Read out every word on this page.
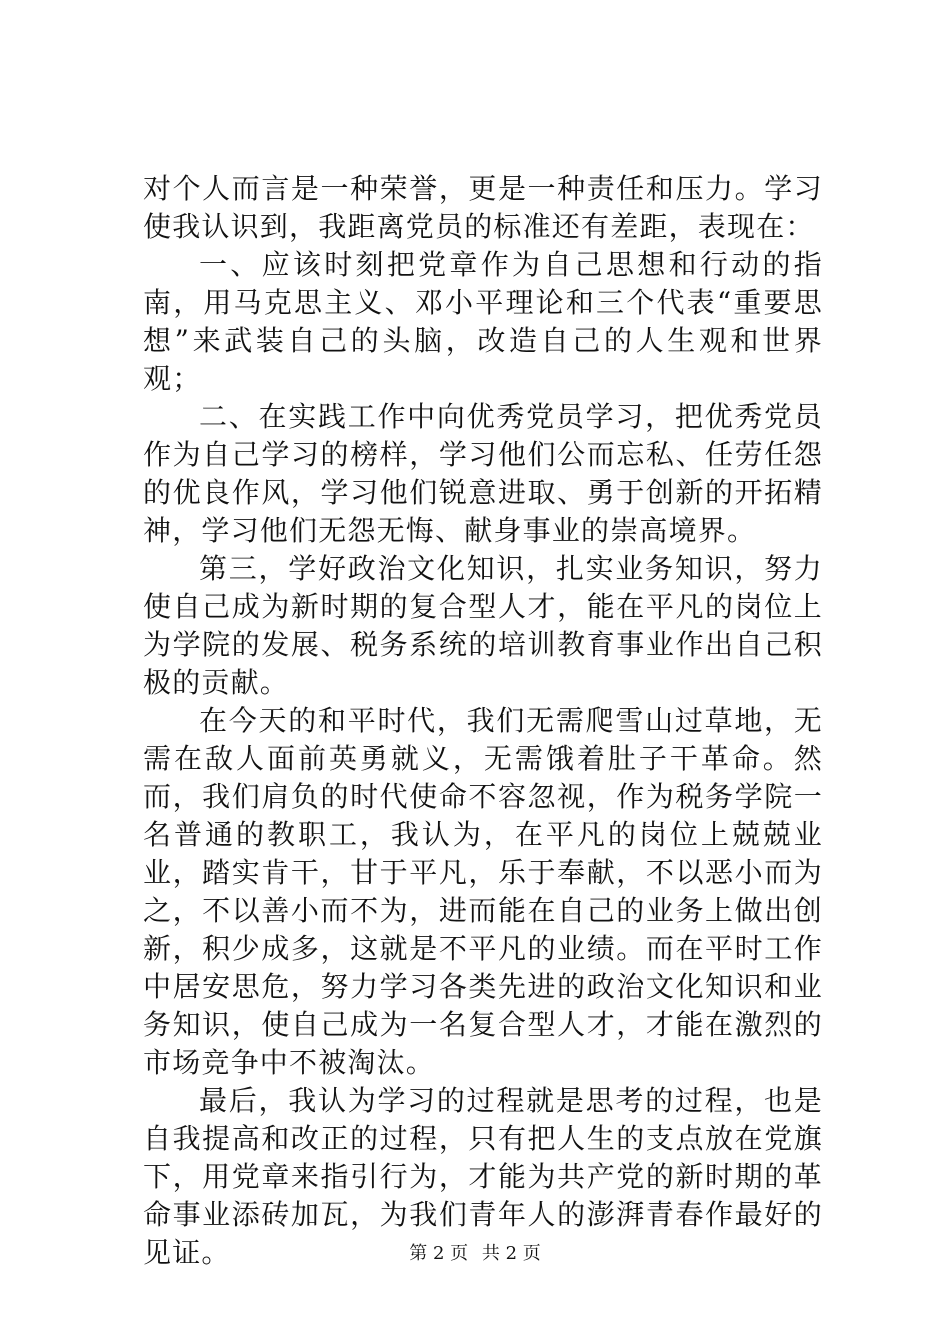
对个人而言是一种荣誉，更是一种责任和压力。学习使我认识到，我距离党员的标准还有差距，表现在：

一、应该时刻把党章作为自己思想和行动的指南，用马克思主义、邓小平理论和三个代表“重要思想”来武装自己的头脑，改造自己的人生观和世界观；

二、在实践工作中向优秀党员学习，把优秀党员作为自己学习的榜样，学习他们公而忘私、任劳任怨的优良作风，学习他们锐意进取、勇于创新的开拓精神，学习他们无怨无悔、献身事业的崇高境界。

第三，学好政治文化知识，扎实业务知识，努力使自己成为新时期的复合型人才，能在平凡的岗位上为学院的发展、税务系统的培训教育事业作出自己积极的贡献。

在今天的和平时代，我们无需爬雪山过草地，无需在敌人面前英勇就义，无需饿着肚子干革命。然而，我们肩负的时代使命不容忽视，作为税务学院一名普通的教职工，我认为，在平凡的岗位上兢兢业业，踏实肯干，甘于平凡，乐于奉献，不以恶小而为之，不以善小而不为，进而能在自己的业务上做出创新，积少成多，这就是不平凡的业绩。而在平时工作中居安思危，努力学习各类先进的政治文化知识和业务知识，使自己成为一名复合型人才，才能在激烈的市场竞争中不被淘汰。

最后，我认为学习的过程就是思考的过程，也是自我提高和改正的过程，只有把人生的支点放在党旗下，用党章来指引行为，才能为共产党的新时期的革命事业添砖加瓦，为我们青年人的澎湃青春作最好的见证。	第 2 页 共 2 页
